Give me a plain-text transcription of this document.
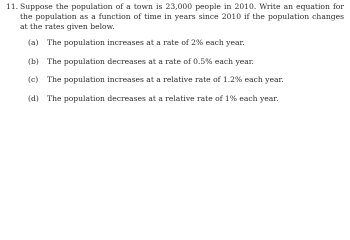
11. Suppose the population of a town is 23,000 people in 2010. Write an equation for the population as a function of time in years since 2010 if the population changes at the rates given below.
(a) The population increases at a rate of 2% each year.
(b) The population decreases at a rate of 0.5% each year.
(c) The population increases at a relative rate of 1.2% each year.
(d) The population decreases at a relative rate of 1% each year.
